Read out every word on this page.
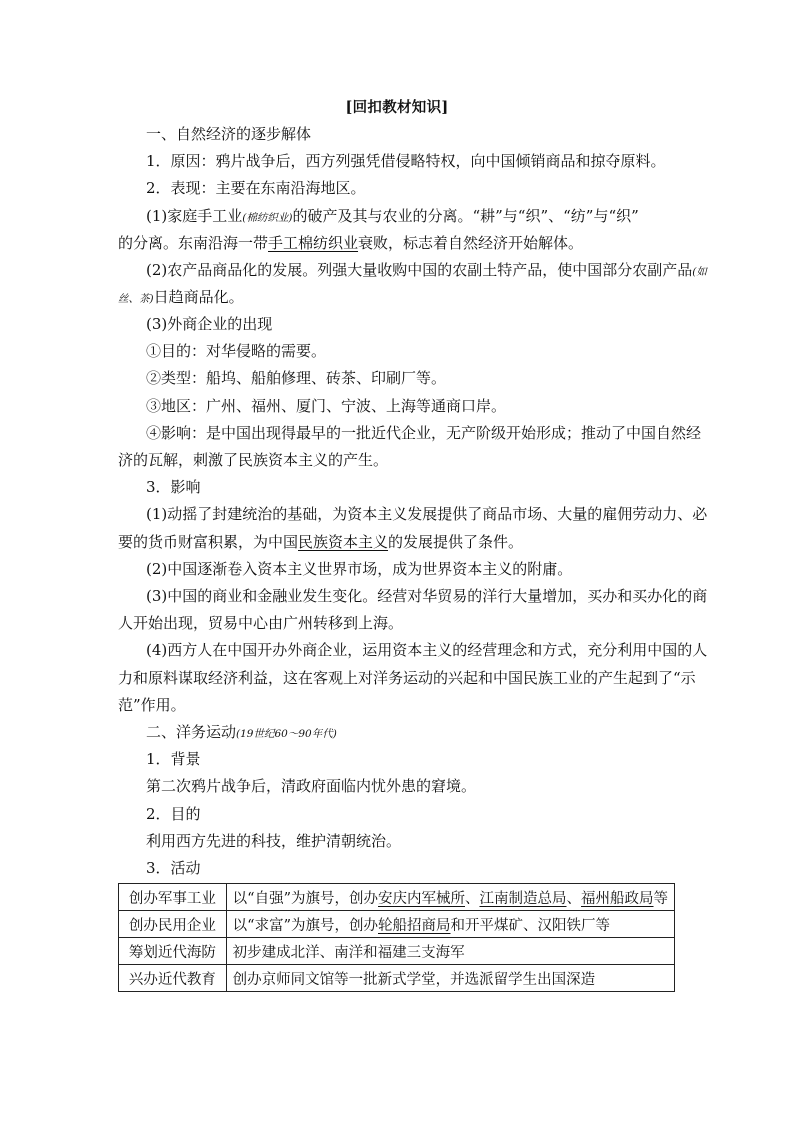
[回扣教材知识]
一、自然经济的逐步解体
1．原因：鸦片战争后，西方列强凭借侵略特权，向中国倾销商品和掠夺原料。
2．表现：主要在东南沿海地区。
(1)家庭手工业(棉纺织业)的破产及其与农业的分离。“耕”与“织”、“纺”与“织”
的分离。东南沿海一带手工棉纺织业衰败，标志着自然经济开始解体。
(2)农产品商品化的发展。列强大量收购中国的农副土特产品，使中国部分农副产品(如
丝、茶)日趋商品化。
(3)外商企业的出现
①目的：对华侵略的需要。
②类型：船坞、船舶修理、砖茶、印刷厂等。
③地区：广州、福州、厦门、宁波、上海等通商口岸。
④影响：是中国出现得最早的一批近代企业，无产阶级开始形成；推动了中国自然经
济的瓦解，刺激了民族资本主义的产生。
3．影响
(1)动摇了封建统治的基础，为资本主义发展提供了商品市场、大量的雇佣劳动力、必
要的货币财富积累，为中国民族资本主义的发展提供了条件。
(2)中国逐渐卷入资本主义世界市场，成为世界资本主义的附庸。
(3)中国的商业和金融业发生变化。经营对华贸易的洋行大量增加，买办和买办化的商
人开始出现，贸易中心由广州转移到上海。
(4)西方人在中国开办外商企业，运用资本主义的经营理念和方式，充分利用中国的人
力和原料谋取经济利益，这在客观上对洋务运动的兴起和中国民族工业的产生起到了“示
范”作用。
二、洋务运动(19世纪60～90年代)
1．背景
第二次鸦片战争后，清政府面临内忧外患的窘境。
2．目的
利用西方先进的科技，维护清朝统治。
3．活动
创办军事工业	以“自强”为旗号，创办安庆内军械所、江南制造总局、福州船政局等
创办民用企业	以“求富”为旗号，创办轮船招商局和开平煤矿、汉阳铁厂等
筹划近代海防	初步建成北洋、南洋和福建三支海军
兴办近代教育	创办京师同文馆等一批新式学堂，并选派留学生出国深造
